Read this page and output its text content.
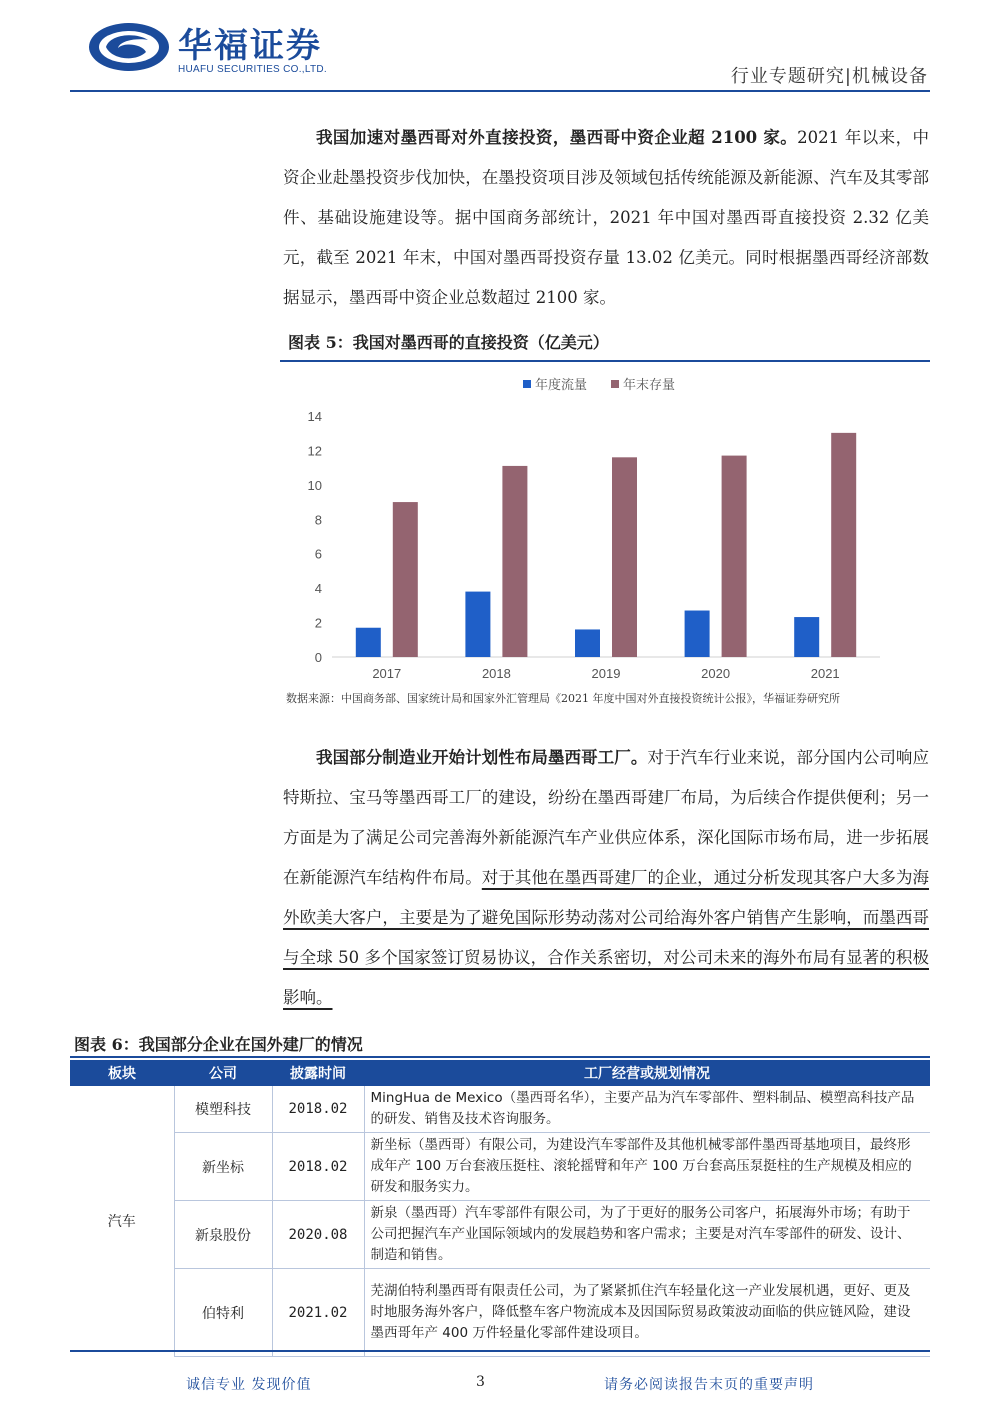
华福证券
HUAFU SECURITIES CO.,LTD.	行业专题研究|机械设备

我国加速对墨西哥对外直接投资，墨西哥中资企业超 2100 家。2021 年以来，中资企业赴墨投资步伐加快，在墨投资项目涉及领域包括传统能源及新能源、汽车及其零部件、基础设施建设等。据中国商务部统计，2021 年中国对墨西哥直接投资 2.32 亿美元，截至 2021 年末，中国对墨西哥投资存量 13.02 亿美元。同时根据墨西哥经济部数据显示，墨西哥中资企业总数超过 2100 家。

图表 5：我国对墨西哥的直接投资（亿美元）
年度流量	年末存量
0
2
4
6
8
10
12
14
2017	2018	2019	2020	2021
数据来源：中国商务部、国家统计局和国家外汇管理局《2021 年度中国对外直接投资统计公报》，华福证券研究所

我国部分制造业开始计划性布局墨西哥工厂。对于汽车行业来说，部分国内公司响应特斯拉、宝马等墨西哥工厂的建设，纷纷在墨西哥建厂布局，为后续合作提供便利；另一方面是为了满足公司完善海外新能源汽车产业供应体系，深化国际市场布局，进一步拓展在新能源汽车结构件布局。对于其他在墨西哥建厂的企业，通过分析发现其客户大多为海外欧美大客户，主要是为了避免国际形势动荡对公司给海外客户销售产生影响，而墨西哥与全球 50 多个国家签订贸易协议，合作关系密切，对公司未来的海外布局有显著的积极影响。

图表 6：我国部分企业在国外建厂的情况
板块	公司	披露时间	工厂经营或规划情况
汽车	模塑科技	2018.02	MingHua de Mexico（墨西哥名华），主要产品为汽车零部件、塑料制品、模塑高科技产品的研发、销售及技术咨询服务。
	新坐标	2018.02	新坐标（墨西哥）有限公司，为建设汽车零部件及其他机械零部件墨西哥基地项目，最终形成年产 100 万台套液压挺柱、滚轮摇臂和年产 100 万台套高压泵挺柱的生产规模及相应的研发和服务实力。
	新泉股份	2020.08	新泉（墨西哥）汽车零部件有限公司，为了于更好的服务公司客户，拓展海外市场；有助于公司把握汽车产业国际领域内的发展趋势和客户需求；主要是对汽车零部件的研发、设计、制造和销售。
	伯特利	2021.02	芜湖伯特利墨西哥有限责任公司，为了紧紧抓住汽车轻量化这一产业发展机遇，更好、更及时地服务海外客户，降低整车客户物流成本及因国际贸易政策波动面临的供应链风险，建设墨西哥年产 400 万件轻量化零部件建设项目。
诚信专业 发现价值	3	请务必阅读报告末页的重要声明
